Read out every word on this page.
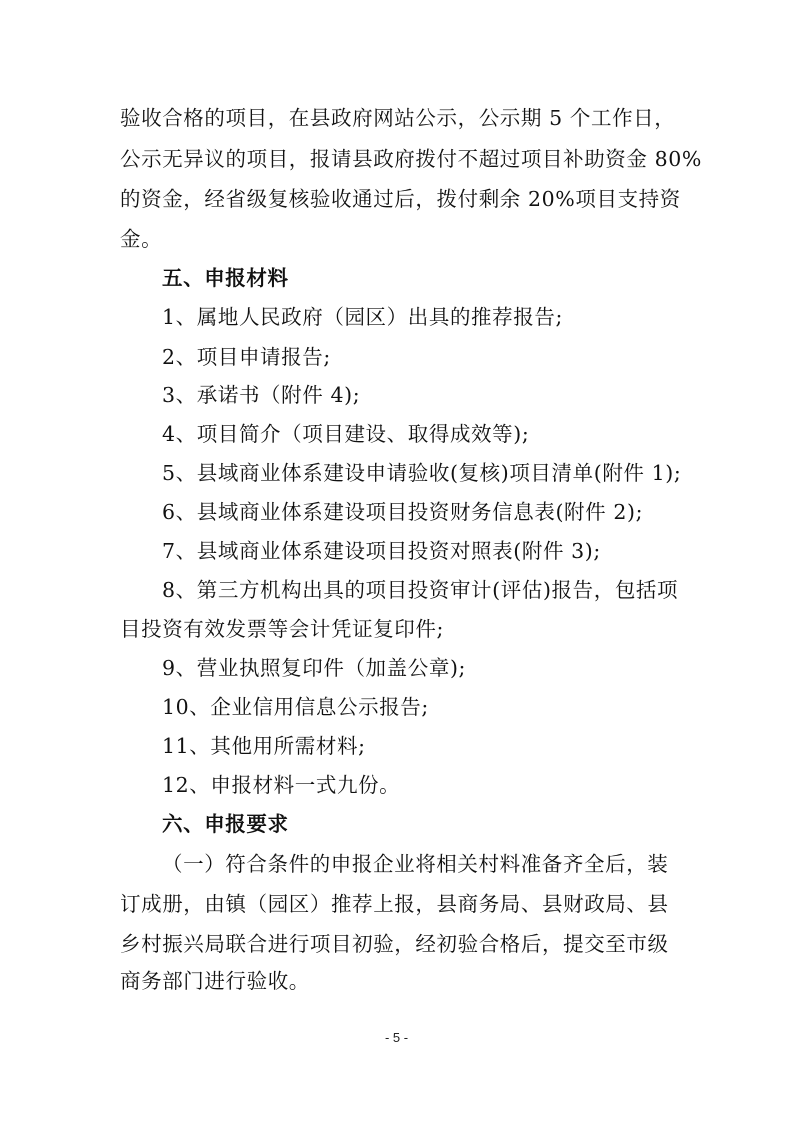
验收合格的项目，在县政府网站公示，公示期 5 个工作日，
公示无异议的项目，报请县政府拨付不超过项目补助资金 80%
的资金，经省级复核验收通过后，拨付剩余 20%项目支持资
金。
五、申报材料
1、属地人民政府（园区）出具的推荐报告;
2、项目申请报告;
3、承诺书（附件 4);
4、项目简介（项目建设、取得成效等);
5、县域商业体系建设申请验收(复核)项目清单(附件 1);
6、县域商业体系建设项目投资财务信息表(附件 2);
7、县域商业体系建设项目投资对照表(附件 3);
8、第三方机构出具的项目投资审计(评估)报告，包括项
目投资有效发票等会计凭证复印件;
9、营业执照复印件（加盖公章);
10、企业信用信息公示报告;
11、其他用所需材料;
12、申报材料一式九份。
六、申报要求
（一）符合条件的申报企业将相关村料准备齐全后，装
订成册，由镇（园区）推荐上报，县商务局、县财政局、县
乡村振兴局联合进行项目初验，经初验合格后，提交至市级
商务部门进行验收。
- 5 -
